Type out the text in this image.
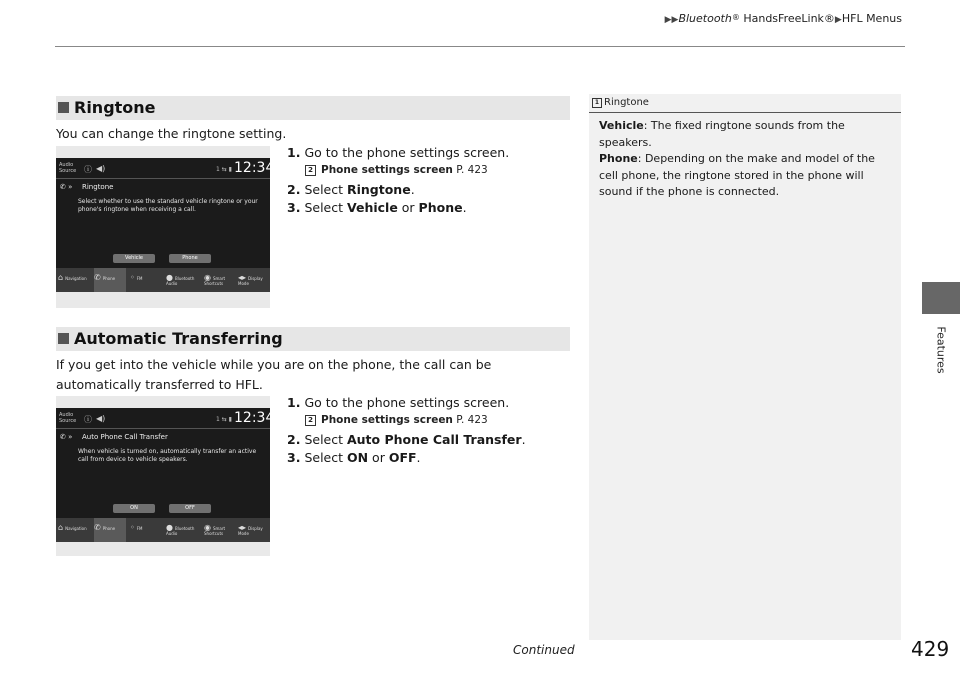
▶▶Bluetooth® HandsFreeLink®▶HFL Menus
Ringtone
You can change the ringtone setting.
Audio Source ⓘ ◀)	1 ⇆ ▮ 12:34
✆ » Ringtone
Select whether to use the standard vehicle ringtone or your phone's ringtone when receiving a call.
Vehicle	Phone
⌂ Navigation ✆ Phone	◦ FM	● Bluetooth Audio
◉ Smart Shortcuts
◂▸ Display Mode
1. Go to the phone settings screen.
2 Phone settings screen P. 423
2. Select Ringtone.
3. Select Vehicle or Phone.
Automatic Transferring
If you get into the vehicle while you are on the phone, the call can be automatically transferred to HFL.
Audio Source ⓘ ◀)	1 ⇆ ▮ 12:34
✆ » Auto Phone Call Transfer
When vehicle is turned on, automatically transfer an active call from device to vehicle speakers.
ON	OFF
⌂ Navigation ✆ Phone	◦ FM	● Bluetooth Audio
◉ Smart Shortcuts
◂▸ Display Mode
1. Go to the phone settings screen.
2 Phone settings screen P. 423
2. Select Auto Phone Call Transfer.
3. Select ON or OFF.
1 Ringtone
Vehicle: The fixed ringtone sounds from the speakers.
Phone: Depending on the make and model of the cell phone, the ringtone stored in the phone will sound if the phone is connected.
Features
Continued	429
